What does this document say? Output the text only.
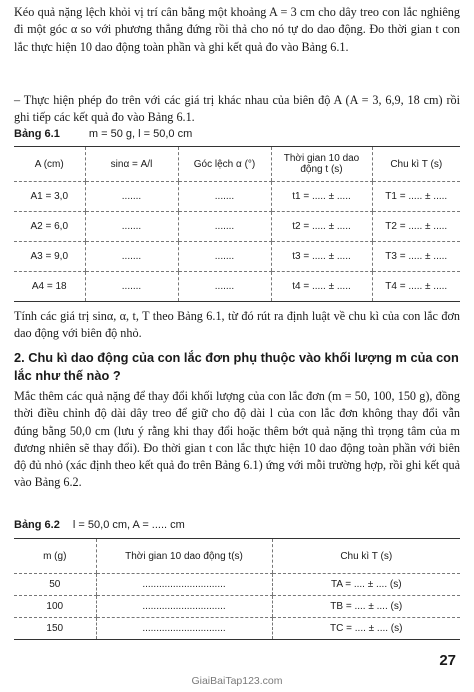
Kéo quả nặng lệch khỏi vị trí cân bằng một khoảng A = 3 cm cho dây treo con lắc nghiêng đi một góc α so với phương thẳng đứng rồi thả cho nó tự do dao động. Đo thời gian t con lắc thực hiện 10 dao động toàn phần và ghi kết quả đo vào Bảng 6.1.
– Thực hiện phép đo trên với các giá trị khác nhau của biên độ A (A = 3, 6,9, 18 cm) rồi ghi tiếp các kết quả đo vào Bảng 6.1.
Bảng 6.1	m = 50 g, l = 50,0 cm
A (cm)	sinα = A/l	Góc lệch α (°)	Thời gian 10 dao động t (s)	Chu kì T (s)
A1 = 3,0	.......	.......	t1 = ..... ± .....	T1 = ..... ± .....
A2 = 6,0	.......	.......	t2 = ..... ± .....	T2 = ..... ± .....
A3 = 9,0	.......	.......	t3 = ..... ± .....	T3 = ..... ± .....
A4 = 18	.......	.......	t4 = ..... ± .....	T4 = ..... ± .....
Tính các giá trị sinα, α, t, T theo Bảng 6.1, từ đó rút ra định luật về chu kì của con lắc đơn dao động với biên độ nhỏ.
2. Chu kì dao động của con lắc đơn phụ thuộc vào khối lượng m của con lắc như thế nào ?
Mắc thêm các quả nặng để thay đổi khối lượng của con lắc đơn (m = 50, 100, 150 g), đồng thời điều chỉnh độ dài dây treo để giữ cho độ dài l của con lắc đơn không thay đổi vẫn đúng bằng 50,0 cm (lưu ý rằng khi thay đổi hoặc thêm bớt quả nặng thì trọng tâm của m đương nhiên sẽ thay đổi). Đo thời gian t con lắc thực hiện 10 dao động toàn phần với biên độ đủ nhỏ (xác định theo kết quả đo trên Bảng 6.1) ứng với mỗi trường hợp, rồi ghi kết quả vào Bảng 6.2.
Bảng 6.2 l = 50,0 cm, A = ..... cm
m (g)	Thời gian 10 dao động t(s)	Chu kì T (s)
50	..............................	TA = .... ± .... (s)
100	..............................	TB = .... ± .... (s)
150	..............................	TC = .... ± .... (s)
27
GiaiBaiTap123.com
